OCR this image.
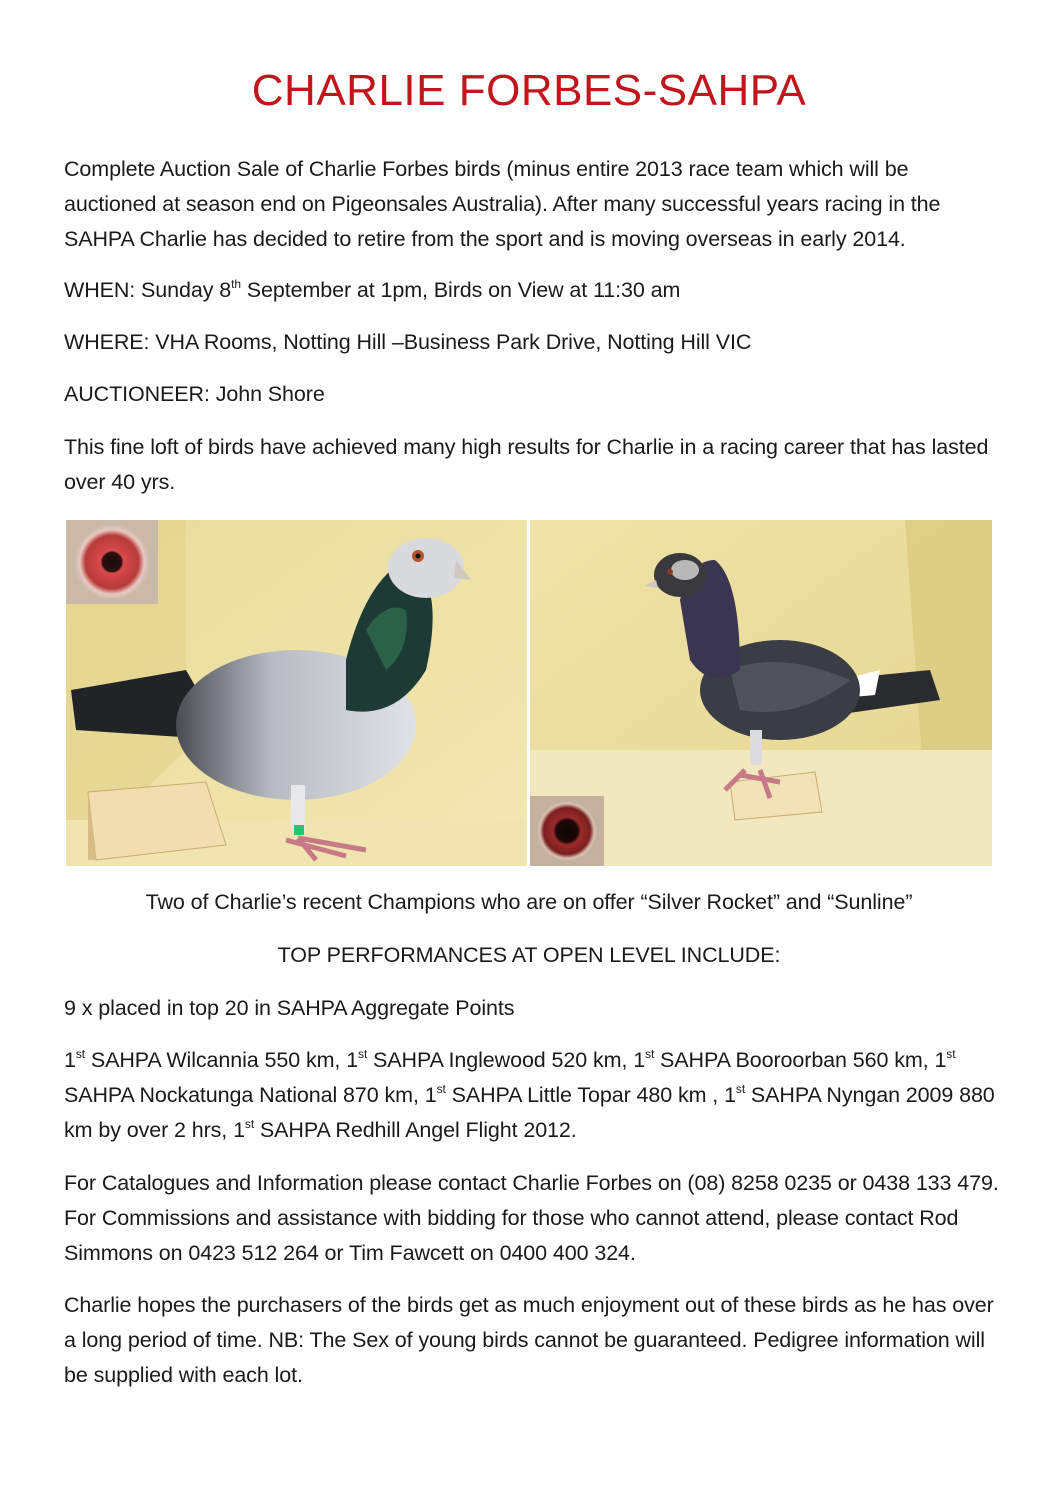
CHARLIE FORBES-SAHPA

Complete Auction Sale of Charlie Forbes birds (minus entire 2013 race team which will be auctioned at season end on Pigeonsales Australia). After many successful years racing in the SAHPA Charlie has decided to retire from the sport and is moving overseas in early 2014.

WHEN: Sunday 8th September at 1pm, Birds on View at 11:30 am

WHERE: VHA Rooms, Notting Hill –Business Park Drive, Notting Hill VIC

AUCTIONEER: John Shore

This fine loft of birds have achieved many high results for Charlie in a racing career that has lasted over 40 yrs.

Two of Charlie’s recent Champions who are on offer “Silver Rocket” and “Sunline”

TOP PERFORMANCES AT OPEN LEVEL INCLUDE:

9 x placed in top 20 in SAHPA Aggregate Points

1st SAHPA Wilcannia 550 km, 1st SAHPA Inglewood 520 km, 1st SAHPA Booroorban 560 km, 1st SAHPA Nockatunga National 870 km, 1st SAHPA Little Topar 480 km , 1st SAHPA Nyngan 2009 880 km by over 2 hrs, 1st SAHPA Redhill Angel Flight 2012.

For Catalogues and Information please contact Charlie Forbes on (08) 8258 0235 or 0438 133 479. For Commissions and assistance with bidding for those who cannot attend, please contact Rod Simmons on 0423 512 264 or Tim Fawcett on 0400 400 324.

Charlie hopes the purchasers of the birds get as much enjoyment out of these birds as he has over a long period of time. NB: The Sex of young birds cannot be guaranteed. Pedigree information will be supplied with each lot.
